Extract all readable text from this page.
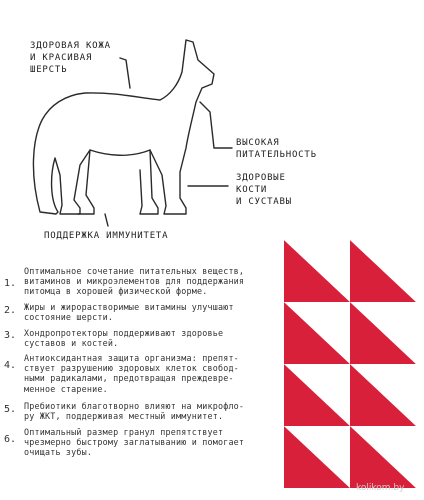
ЗДОРОВАЯ КОЖА
И КРАСИВАЯ
ШЕРСТЬ
ВЫСОКАЯ
ПИТАТЕЛЬНОСТЬ
ЗДОРОВЫЕ
КОСТИ
И СУСТАВЫ
ПОДДЕРЖКА ИММУНИТЕТА
1.
Оптимальное сочетание питательных веществ,
витаминов и микроэлементов для поддержания
питомца в хорошей физической форме.
2. Жиры и жирорастворимые витамины улучшают
состояние шерсти.
3. Хондропротекторы поддерживают здоровье
суставов и костей.
4.
Антиоксидантная защита организма: препят-
ствует разрушению здоровых клеток свобод-
ными радикалами, предотвращая преждевре-
менное старение.
5. Пребиотики благотворно влияют на микрофло-
ру ЖКТ, поддерживая местный иммунитет.
6.
Оптимальный размер гранул препятствует
чрезмерно быстрому заглатыванию и помогает
очищать зубы.
kolikom.by
